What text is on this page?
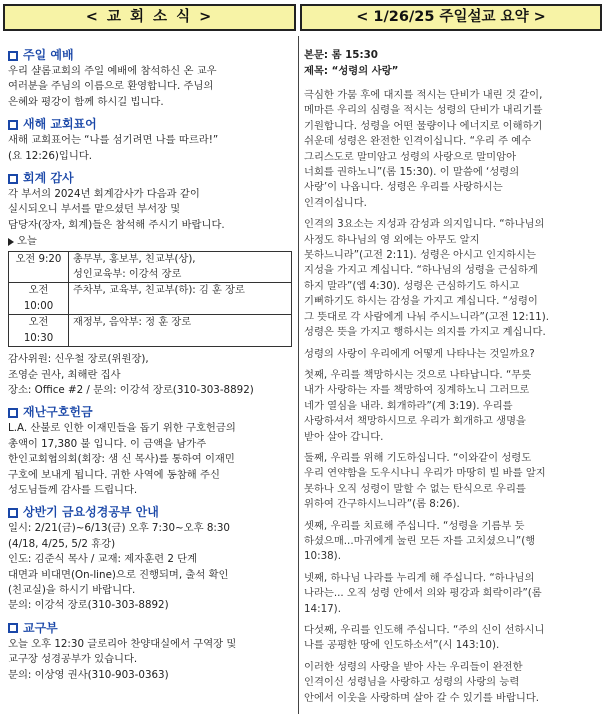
< 교 회 소 식 >	< 1/26/25 주일설교 요약 >
주일 예배
우리 샬롬교회의 주일 예배에 참석하신 온 교우
여러분을 주님의 이름으로 환영합니다. 주님의
은혜와 평강이 함께 하시길 빕니다.
새해 교회표어
새해 교회표어는 “나를 섬기려면 나를 따르라!”
(요 12:26)입니다.
회계 감사
각 부서의 2024년 회계감사가 다음과 같이
실시되오니 부서를 맡으셨던 부서장 및
담당자(장자, 회계)들은 참석해 주시기 바랍니다.
오늘
오전 9:20	총무부, 홍보부, 친교부(상),
성인교육부: 이강석 장로
오전 10:00	주차부, 교육부, 친교부(하): 김 훈 장로
오전 10:30	재정부, 음악부: 정 훈 장로
감사위원: 신우철 장로(위원장),
조영순 권사, 최해란 집사
장소: Office #2 / 문의: 이강석 장로(310-303-8892)
재난구호헌금
L.A. 산불로 인한 이재민들을 돕기 위한 구호헌금의
총액이 17,380 불 입니다. 이 금액을 남가주
한인교회협의회(회장: 샘 신 목사)를 통하여 이재민
구호에 보내게 됩니다. 귀한 사역에 동참해 주신
성도님들께 감사를 드립니다.
상반기 금요성경공부 안내
일시: 2/21(금)~6/13(금) 오후 7:30~오후 8:30
(4/18, 4/25, 5/2 휴강)
인도: 김준식 목사 / 교재: 제자훈련 2 단계
대면과 비대면(On-line)으로 진행되며, 출석 확인
(친교실)을 하시기 바랍니다.
문의: 이강석 장로(310-303-8892)
교구부
오늘 오후 12:30 글로리아 찬양대실에서 구역장 및
교구장 성경공부가 있습니다.
문의: 이상영 권사(310-903-0363)
본문: 롬 15:30
제목: “성령의 사랑”
극심한 가뭄 후에 대지를 적시는 단비가 내린 것 같이,
메마른 우리의 심령을 적시는 성령의 단비가 내리기를
기원합니다. 성령을 어떤 물량이나 에너지로 이해하기
쉬운데 성령은 완전한 인격이십니다. “우리 주 예수
그리스도로 말미암고 성령의 사랑으로 말미암아
너희를 권하노니”(롬 15:30). 이 말씀에 ‘성령의
사랑’이 나옵니다. 성령은 우리를 사랑하시는
인격이십니다.
인격의 3요소는 지성과 감성과 의지입니다. “하나님의
사정도 하나님의 영 외에는 아무도 알지
못하느니라”(고전 2:11). 성령은 아시고 인지하시는
지성을 가지고 계십니다. “하나님의 성령을 근심하게
하지 말라”(엡 4:30). 성령은 근심하기도 하시고
기뻐하기도 하시는 감성을 가지고 계십니다. “성령이
그 뜻대로 각 사람에게 나눠 주시느니라”(고전 12:11).
성령은 뜻을 가지고 행하시는 의지를 가지고 계십니다.
성령의 사랑이 우리에게 어떻게 나타나는 것일까요?
첫째, 우리를 책망하시는 것으로 나타납니다. “무릇
내가 사랑하는 자를 책망하여 징계하노니 그러므로
네가 열심을 내라. 회개하라”(계 3:19). 우리를
사랑하셔서 책망하시므로 우리가 회개하고 생명을
받아 살아 갑니다.
둘째, 우리를 위해 기도하십니다. “이와같이 성령도
우리 연약함을 도우시나니 우리가 마땅히 빌 바를 알지
못하나 오직 성령이 말할 수 없는 탄식으로 우리를
위하여 간구하시느니라”(롬 8:26).
셋째, 우리를 치료해 주십니다. “성령을 기름부 듯
하셨으매...마귀에게 눌린 모든 자를 고치셨으니”(행
10:38).
넷째, 하나님 나라를 누리게 해 주십니다. “하나님의
나라는... 오직 성령 안에서 의와 평강과 희락이라”(롬
14:17).
다섯째, 우리를 인도해 주십니다. “주의 신이 선하시니
나를 공평한 땅에 인도하소서”(시 143:10).
이러한 성령의 사랑을 받아 사는 우리들이 완전한
인격이신 성령님을 사랑하고 성령의 사랑의 능력
안에서 이웃을 사랑하며 살아 갈 수 있기를 바랍니다.
